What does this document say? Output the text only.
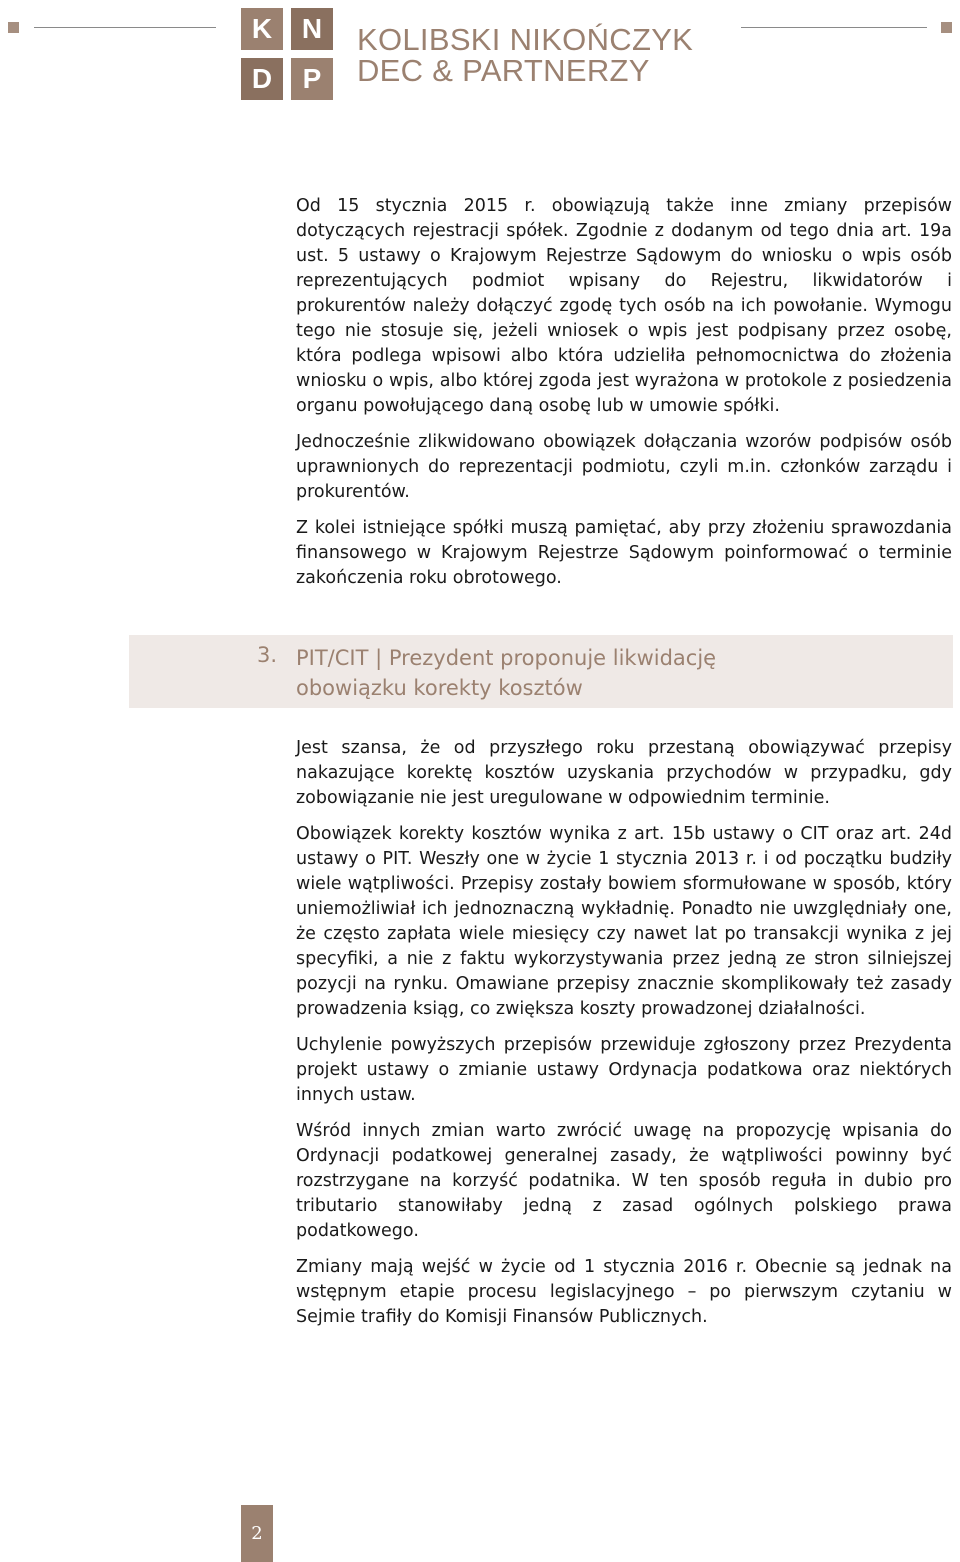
K	N
D	P
KOLIBSKI NIKOŃCZYK
DEC & PARTNERZY

Od 15 stycznia 2015 r. obowiązują także inne zmiany przepisów dotyczących rejestracji spółek. Zgodnie z dodanym od tego dnia art. 19a ust. 5 ustawy o Krajowym Rejestrze Sądowym do wniosku o wpis osób reprezentujących podmiot wpisany do Rejestru, likwidatorów i prokurentów należy dołączyć zgodę tych osób na ich powołanie. Wymogu tego nie stosuje się, jeżeli wniosek o wpis jest podpisany przez osobę, która podlega wpisowi albo która udzieliła pełnomocnictwa do złożenia wniosku o wpis, albo której zgoda jest wyrażona w protokole z posiedzenia organu powołującego daną osobę lub w umowie spółki.

Jednocześnie zlikwidowano obowiązek dołączania wzorów podpisów osób uprawnionych do reprezentacji podmiotu, czyli m.in. członków zarządu i prokurentów.

Z kolei istniejące spółki muszą pamiętać, aby przy złożeniu sprawozdania finansowego w Krajowym Rejestrze Sądowym poinformować o terminie zakończenia roku obrotowego.

3. PIT/CIT | Prezydent proponuje likwidację
obowiązku korekty kosztów

Jest szansa, że od przyszłego roku przestaną obowiązywać przepisy nakazujące korektę kosztów uzyskania przychodów w przypadku, gdy zobowiązanie nie jest uregulowane w odpowiednim terminie.

Obowiązek korekty kosztów wynika z art. 15b ustawy o CIT oraz art. 24d ustawy o PIT. Weszły one w życie 1 stycznia 2013 r. i od początku budziły wiele wątpliwości. Przepisy zostały bowiem sformułowane w sposób, który uniemożliwiał ich jednoznaczną wykładnię. Ponadto nie uwzględniały one, że często zapłata wiele miesięcy czy nawet lat po transakcji wynika z jej specyfiki, a nie z faktu wykorzystywania przez jedną ze stron silniejszej pozycji na rynku. Omawiane przepisy znacznie skomplikowały też zasady prowadzenia ksiąg, co zwiększa koszty prowadzonej działalności.

Uchylenie powyższych przepisów przewiduje zgłoszony przez Prezydenta projekt ustawy o zmianie ustawy Ordynacja podatkowa oraz niektórych innych ustaw.

Wśród innych zmian warto zwrócić uwagę na propozycję wpisania do Ordynacji podatkowej generalnej zasady, że wątpliwości powinny być rozstrzygane na korzyść podatnika. W ten sposób reguła in dubio pro tributario stanowiłaby jedną z zasad ogólnych polskiego prawa podatkowego.

Zmiany mają wejść w życie od 1 stycznia 2016 r. Obecnie są jednak na wstępnym etapie procesu legislacyjnego – po pierwszym czytaniu w Sejmie trafiły do Komisji Finansów Publicznych.

2
